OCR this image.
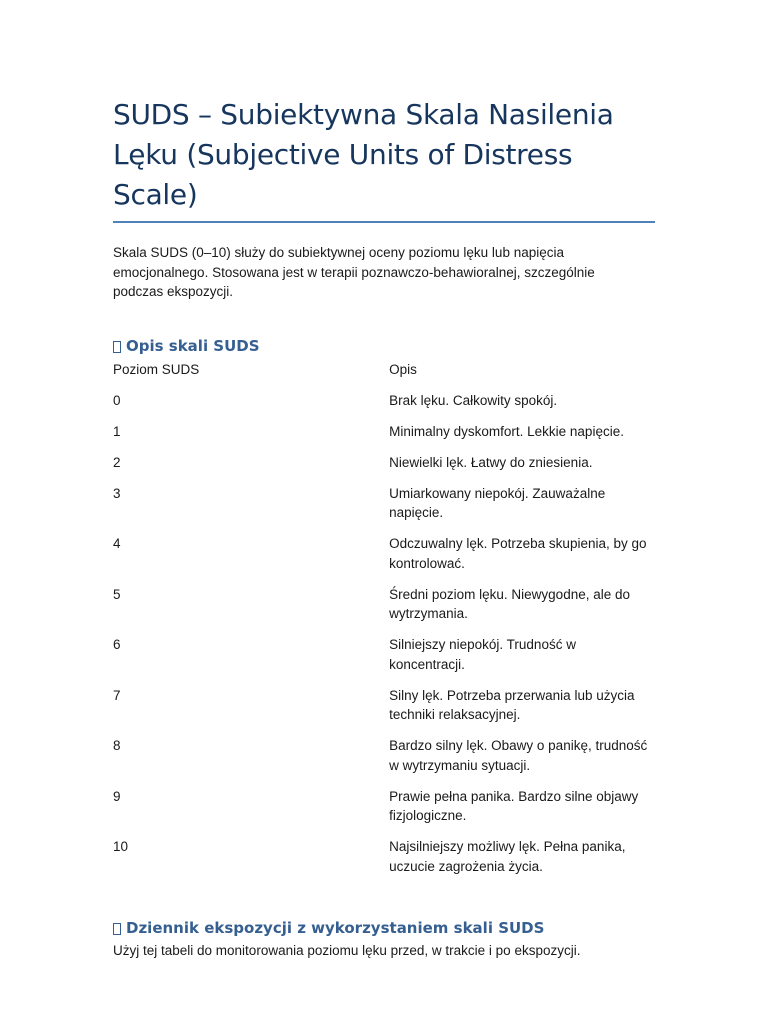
SUDS – Subiektywna Skala Nasilenia Lęku (Subjective Units of Distress Scale)

Skala SUDS (0–10) służy do subiektywnej oceny poziomu lęku lub napięcia emocjonalnego. Stosowana jest w terapii poznawczo-behawioralnej, szczególnie podczas ekspozycji.

Opis skali SUDS
Poziom SUDS	Opis
0	Brak lęku. Całkowity spokój.
1	Minimalny dyskomfort. Lekkie napięcie.
2	Niewielki lęk. Łatwy do zniesienia.
3	Umiarkowany niepokój. Zauważalne napięcie.
4	Odczuwalny lęk. Potrzeba skupienia, by go kontrolować.
5	Średni poziom lęku. Niewygodne, ale do wytrzymania.
6	Silniejszy niepokój. Trudność w koncentracji.
7	Silny lęk. Potrzeba przerwania lub użycia techniki relaksacyjnej.
8	Bardzo silny lęk. Obawy o panikę, trudność w wytrzymaniu sytuacji.
9	Prawie pełna panika. Bardzo silne objawy fizjologiczne.
10	Najsilniejszy możliwy lęk. Pełna panika, uczucie zagrożenia życia.
Dziennik ekspozycji z wykorzystaniem skali SUDS

Użyj tej tabeli do monitorowania poziomu lęku przed, w trakcie i po ekspozycji.
